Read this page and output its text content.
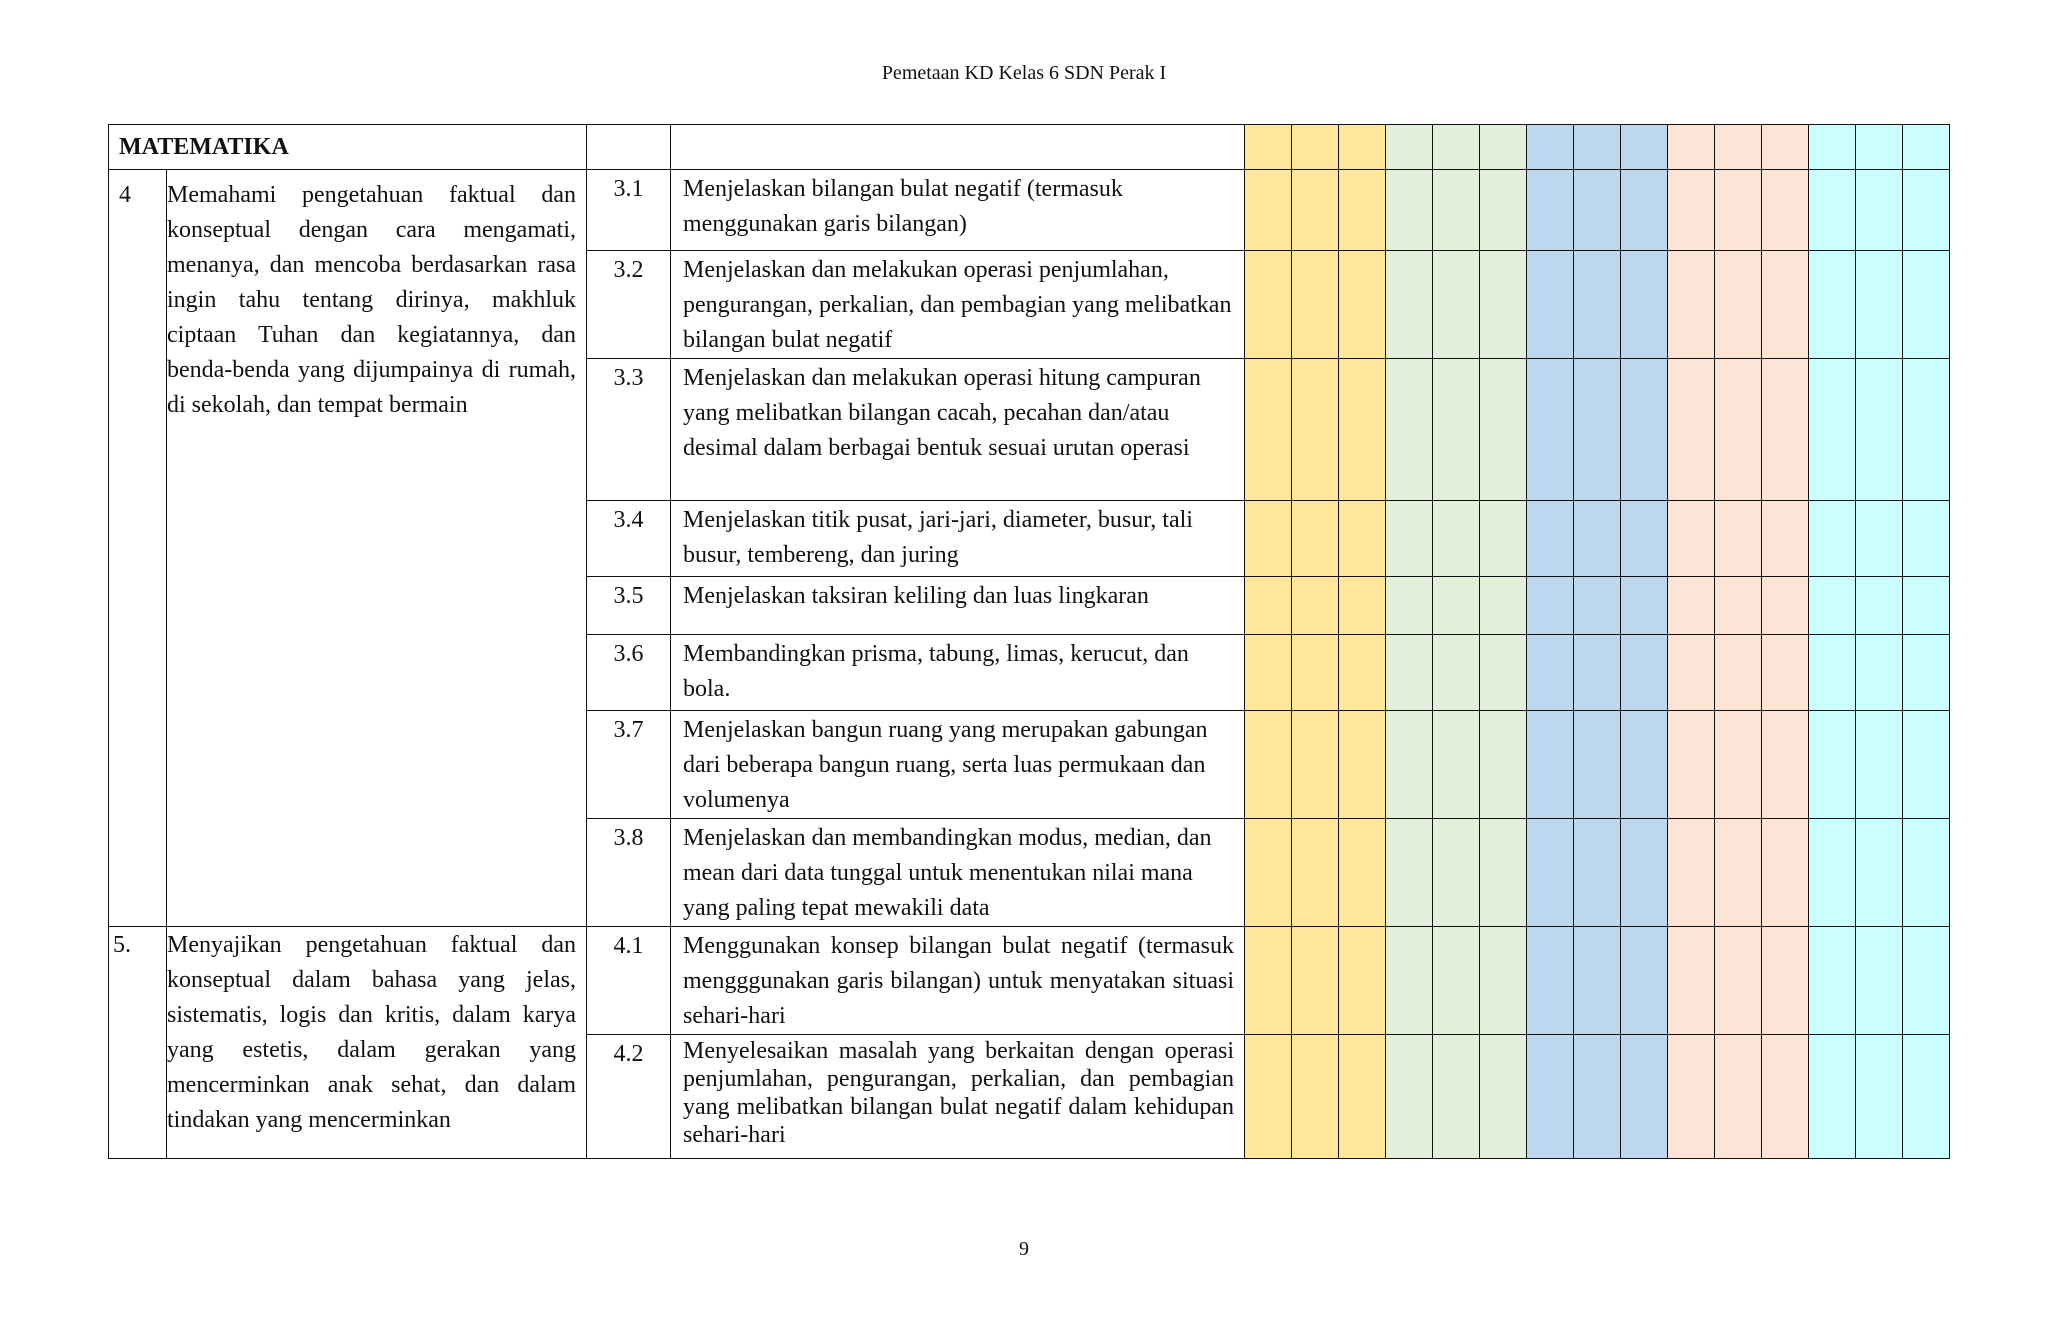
Pemetaan KD Kelas 6 SDN Perak I
MATEMATIKA																		
4	Memahami pengetahuan faktual dan konseptual dengan cara mengamati, menanya, dan mencoba berdasarkan rasa ingin tahu tentang dirinya, makhluk ciptaan Tuhan dan kegiatannya, dan benda-benda yang dijumpainya di rumah, di sekolah, dan tempat bermain	3.1	Menjelaskan bilangan bulat negatif (termasuk menggunakan garis bilangan)															
		3.2	Menjelaskan dan melakukan operasi penjumlahan, pengurangan, perkalian, dan pembagian yang melibatkan bilangan bulat negatif															
		3.3	Menjelaskan dan melakukan operasi hitung campuran yang melibatkan bilangan cacah, pecahan dan/atau desimal dalam berbagai bentuk sesuai urutan operasi															
		3.4	Menjelaskan titik pusat, jari-jari, diameter, busur, tali busur, tembereng, dan juring															
		3.5	Menjelaskan taksiran keliling dan luas lingkaran															
		3.6	Membandingkan prisma, tabung, limas, kerucut, dan bola.															
		3.7	Menjelaskan bangun ruang yang merupakan gabungan dari beberapa bangun ruang, serta luas permukaan dan volumenya															
		3.8	Menjelaskan dan membandingkan modus, median, dan mean dari data tunggal untuk menentukan nilai mana yang paling tepat mewakili data															
5.	Menyajikan pengetahuan faktual dan konseptual dalam bahasa yang jelas, sistematis, logis dan kritis, dalam karya yang estetis, dalam gerakan yang mencerminkan anak sehat, dan dalam tindakan yang mencerminkan	4.1	Menggunakan konsep bilangan bulat negatif (termasuk mengggunakan garis bilangan) untuk menyatakan situasi sehari-hari															
		4.2	Menyelesaikan masalah yang berkaitan dengan operasi penjumlahan, pengurangan, perkalian, dan pembagian yang melibatkan bilangan bulat negatif dalam kehidupan sehari-hari															
9
